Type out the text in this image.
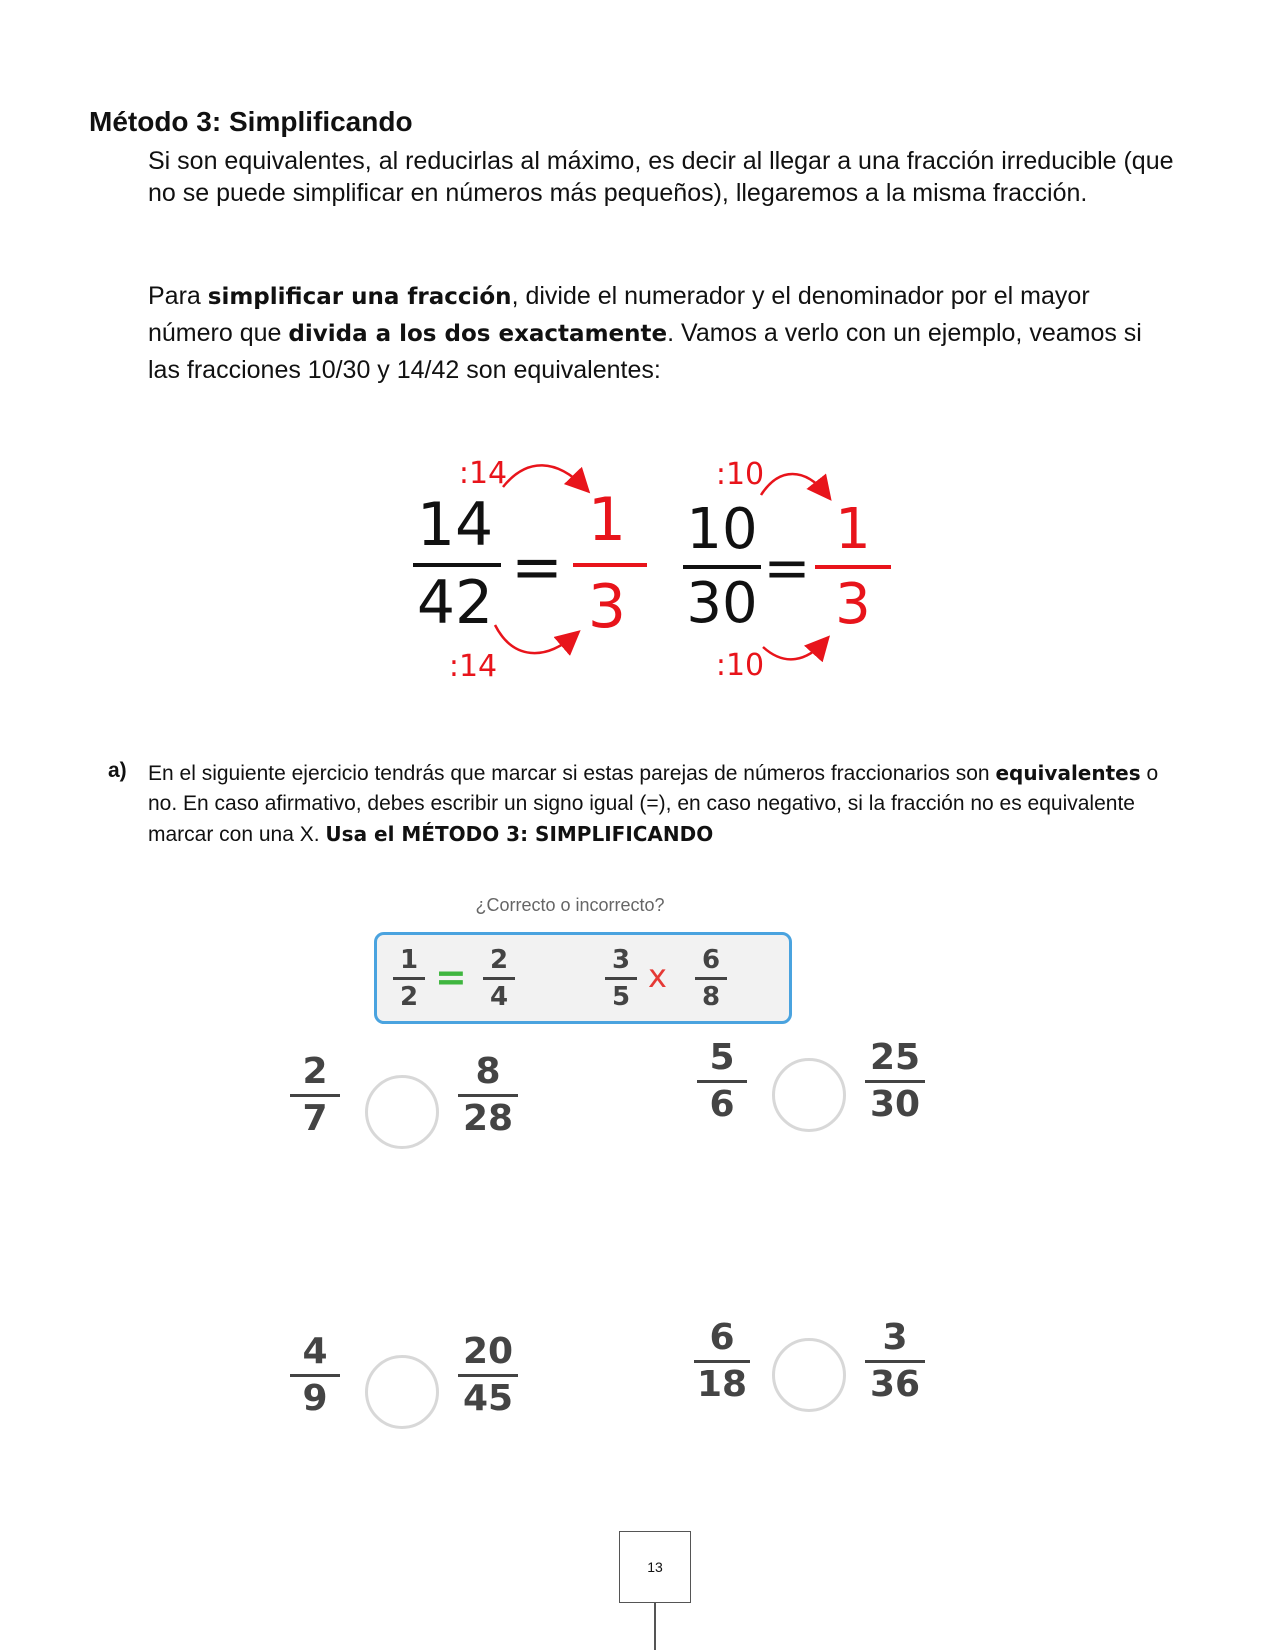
Método 3: Simplificando
Si son equivalentes, al reducirlas al máximo, es decir al llegar a una fracción irreducible (que no se puede simplificar en números más pequeños), llegaremos a la misma fracción.
Para simplificar una fracción, divide el numerador y el denominador por el mayor número que divida a los dos exactamente. Vamos a verlo con un ejemplo, veamos si las fracciones 10/30 y 14/42 son equivalentes:
14
42 =
1
3
:14
:14
10
30
=
1
3
:10
:10
a) En el siguiente ejercicio tendrás que marcar si estas parejas de números fraccionarios son equivalentes o no. En caso afirmativo, debes escribir un signo igual (=), en caso negativo, si la fracción no es equivalente marcar con una X. Usa el MÉTODO 3: SIMPLIFICANDO
¿Correcto o incorrecto?
1
2 = 2
4
3
5
x 6
8
2
7
8
28
5
6
25
30
4
9
20
45
6
18
3
36
13
